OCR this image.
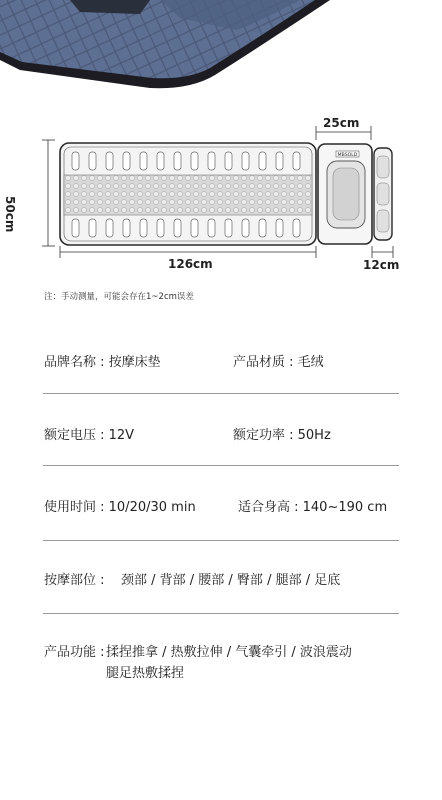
MBSOLD
25cm
50cm
126cm	12cm
注：手动测量，可能会存在1~2cm误差
品牌名称 : 按摩床垫	产品材质 : 毛绒
额定电压 : 12V	额定功率 : 50Hz
使用时间 : 10/20/30 min	适合身高 : 140~190 cm
按摩部位 : 颈部 / 背部 / 腰部 / 臀部 / 腿部 / 足底
产品功能 : 揉捏推拿 / 热敷拉伸 / 气囊牵引 / 波浪震动
腿足热敷揉捏
